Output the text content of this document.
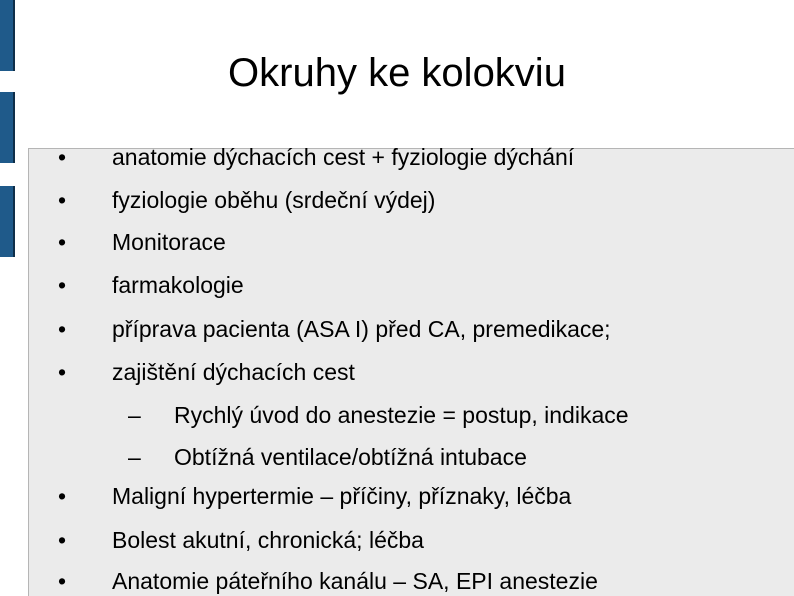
Okruhy ke kolokviu
• anatomie dýchacích cest + fyziologie dýchání
• fyziologie oběhu (srdeční výdej)
• Monitorace
• farmakologie
• příprava pacienta (ASA I) před CA, premedikace;
• zajištění dýchacích cest
– Rychlý úvod do anestezie = postup, indikace
– Obtížná ventilace/obtížná intubace
• Maligní hypertermie – příčiny, příznaky, léčba
• Bolest akutní, chronická; léčba
• Anatomie páteřního kanálu – SA, EPI anestezie
